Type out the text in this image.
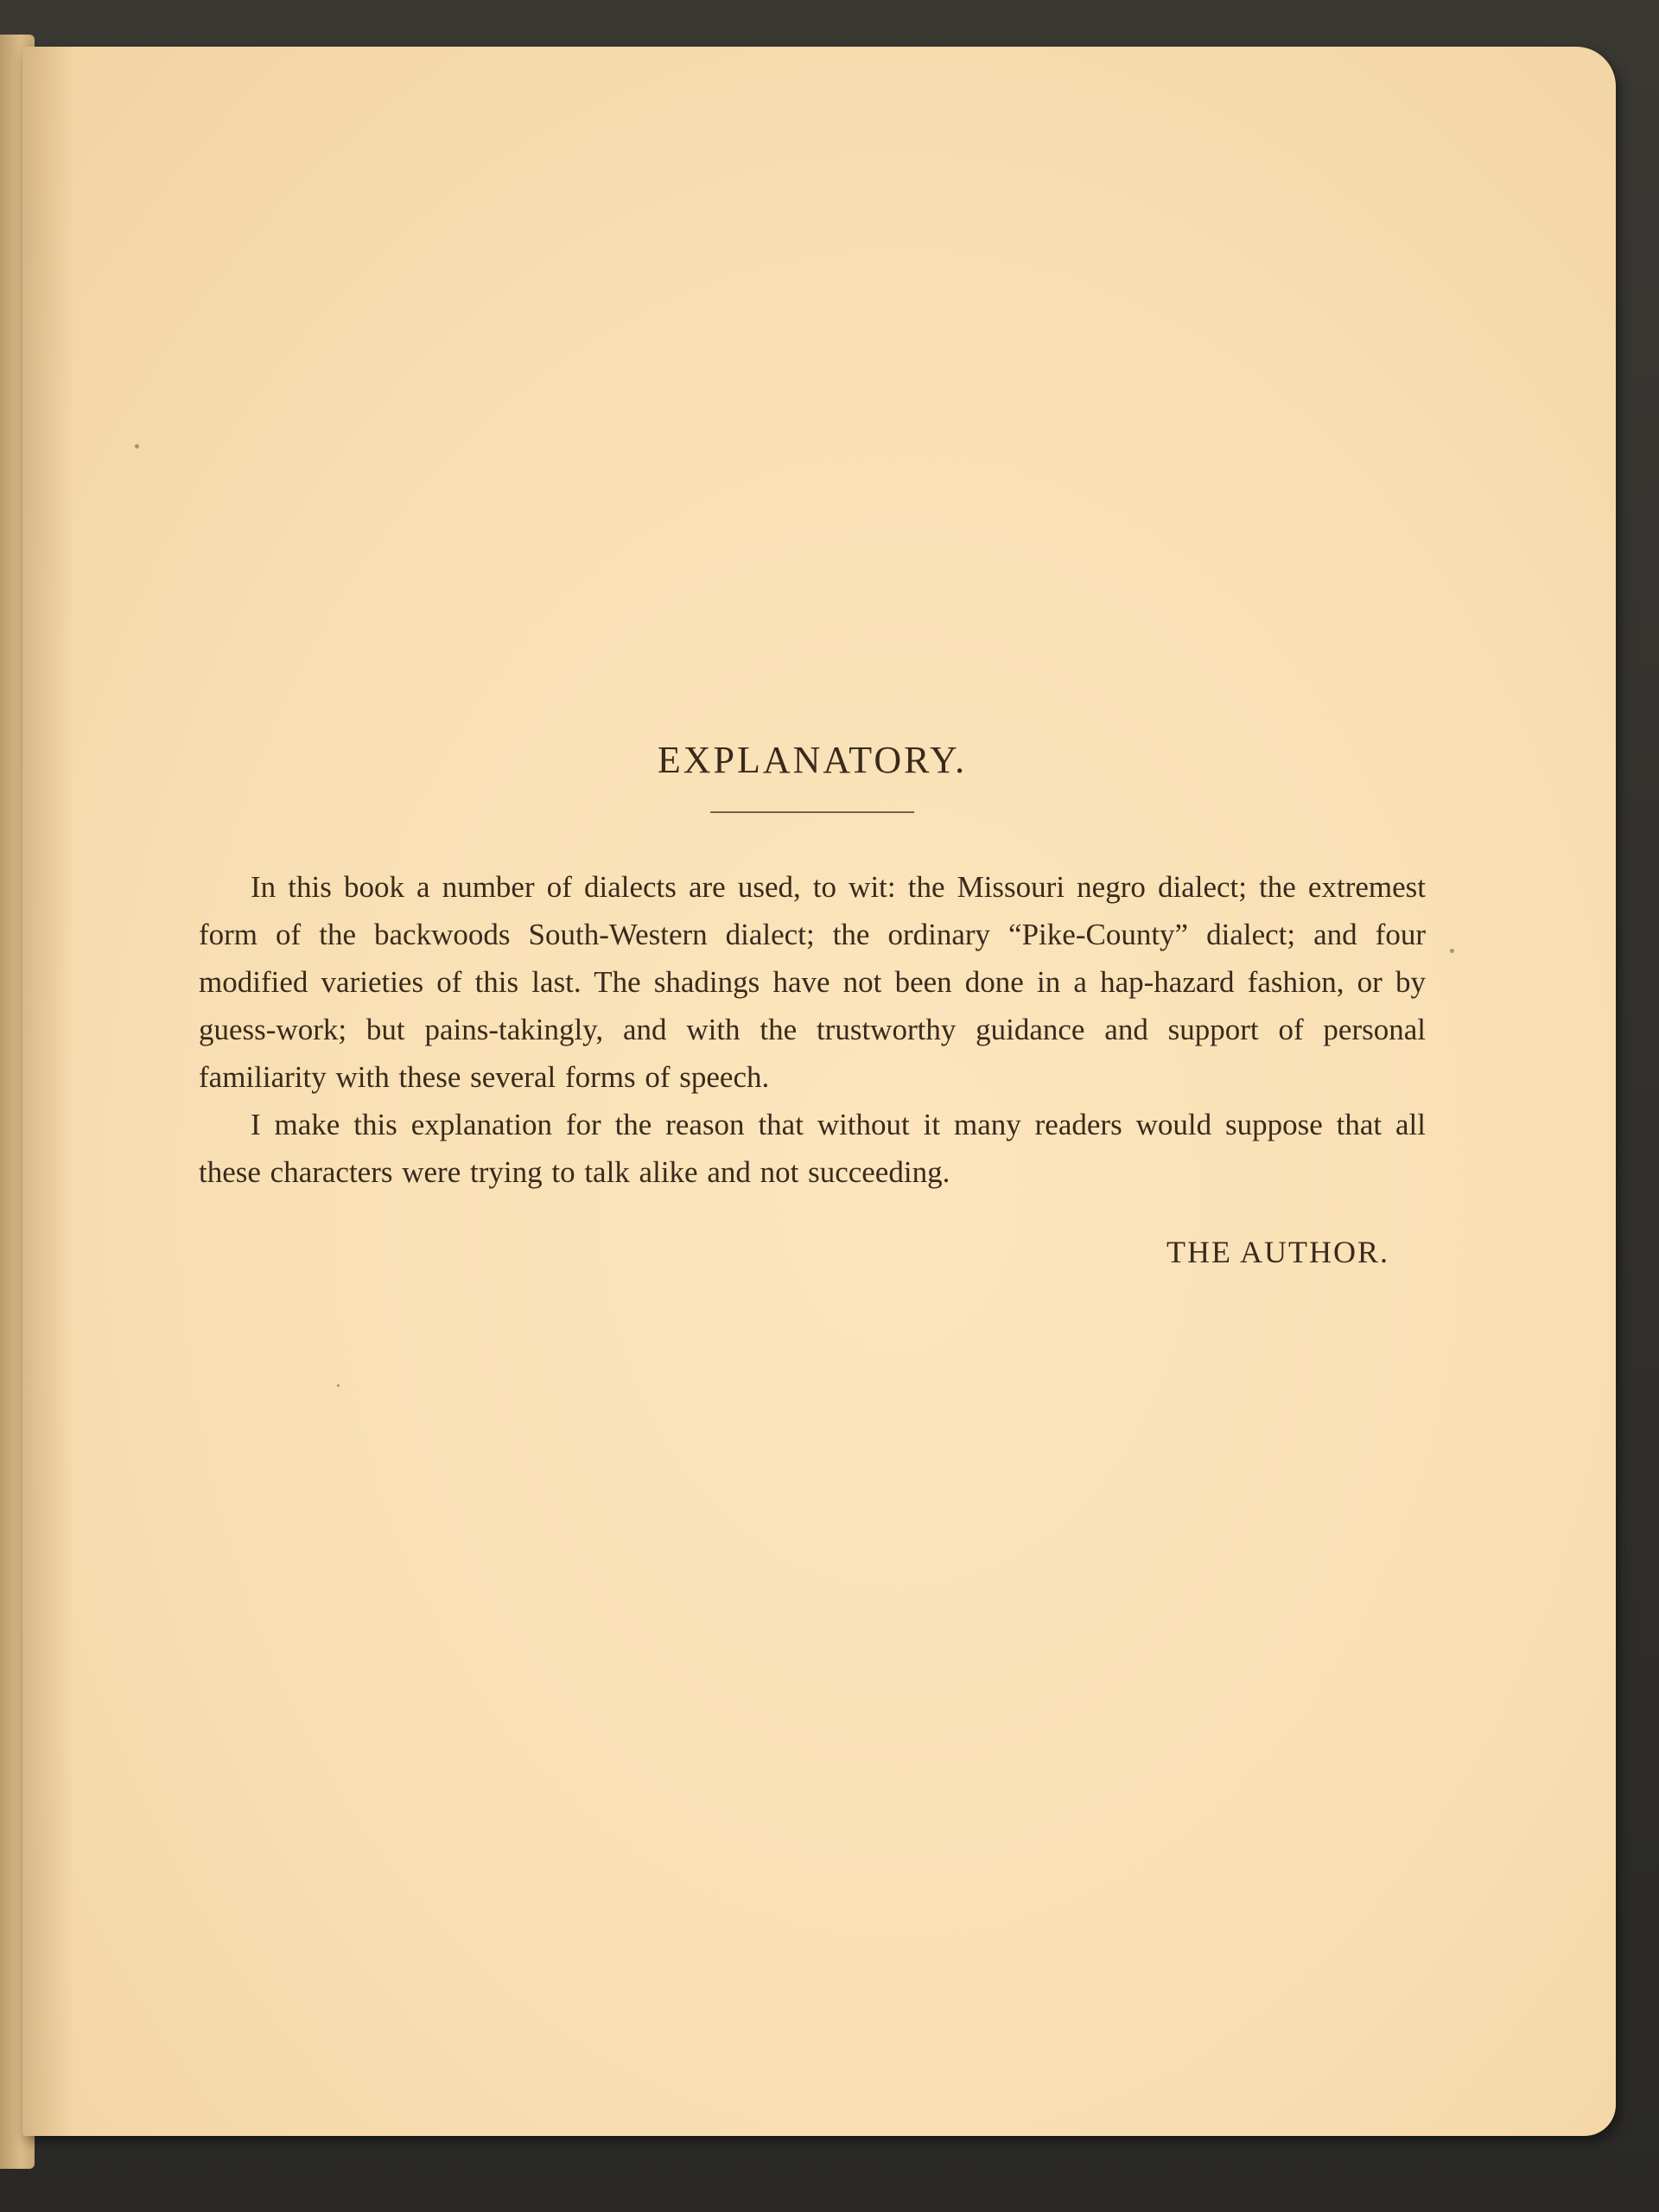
EXPLANATORY.

In this book a number of dialects are used, to wit: the Missouri negro dialect; the extremest form of the backwoods South-Western dialect; the ordinary “Pike-County” dialect; and four modified varieties of this last. The shadings have not been done in a hap-hazard fashion, or by guess-work; but pains-takingly, and with the trustworthy guidance and support of personal familiarity with these several forms of speech.

I make this explanation for the reason that without it many readers would suppose that all these characters were trying to talk alike and not succeeding.

THE AUTHOR.
